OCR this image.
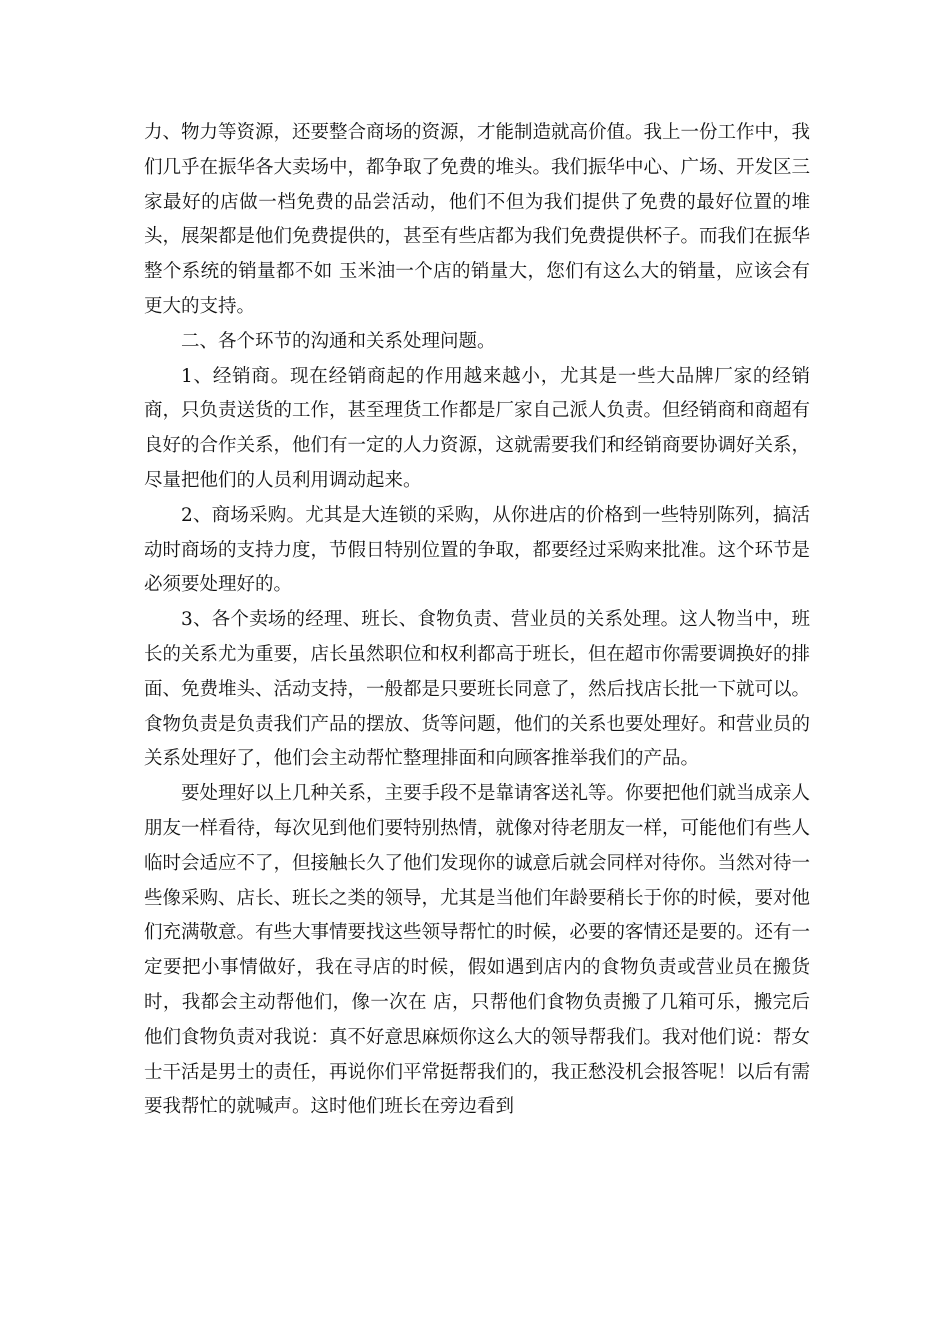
力、物力等资源，还要整合商场的资源，才能制造就高价值。我上一份工作中，我们几乎在振华各大卖场中，都争取了免费的堆头。我们振华中心、广场、开发区三家最好的店做一档免费的品尝活动，他们不但为我们提供了免费的最好位置的堆头，展架都是他们免费提供的，甚至有些店都为我们免费提供杯子。而我们在振华整个系统的销量都不如 玉米油一个店的销量大，您们有这么大的销量，应该会有更大的支持。

二、各个环节的沟通和关系处理问题。

1、经销商。现在经销商起的作用越来越小，尤其是一些大品牌厂家的经销商，只负责送货的工作，甚至理货工作都是厂家自己派人负责。但经销商和商超有良好的合作关系，他们有一定的人力资源，这就需要我们和经销商要协调好关系，尽量把他们的人员利用调动起来。

2、商场采购。尤其是大连锁的采购，从你进店的价格到一些特别陈列，搞活动时商场的支持力度，节假日特别位置的争取，都要经过采购来批准。这个环节是必须要处理好的。

3、各个卖场的经理、班长、食物负责、营业员的关系处理。这人物当中，班长的关系尤为重要，店长虽然职位和权利都高于班长，但在超市你需要调换好的排面、免费堆头、活动支持，一般都是只要班长同意了，然后找店长批一下就可以。食物负责是负责我们产品的摆放、货等问题，他们的关系也要处理好。和营业员的关系处理好了，他们会主动帮忙整理排面和向顾客推举我们的产品。

要处理好以上几种关系，主要手段不是靠请客送礼等。你要把他们就当成亲人朋友一样看待，每次见到他们要特别热情，就像对待老朋友一样，可能他们有些人临时会适应不了，但接触长久了他们发现你的诚意后就会同样对待你。当然对待一些像采购、店长、班长之类的领导，尤其是当他们年龄要稍长于你的时候，要对他们充满敬意。有些大事情要找这些领导帮忙的时候，必要的客情还是要的。还有一定要把小事情做好，我在寻店的时候，假如遇到店内的食物负责或营业员在搬货时，我都会主动帮他们，像一次在 店，只帮他们食物负责搬了几箱可乐，搬完后他们食物负责对我说：真不好意思麻烦你这么大的领导帮我们。我对他们说：帮女士干活是男士的责任，再说你们平常挺帮我们的，我正愁没机会报答呢！以后有需要我帮忙的就喊声。这时他们班长在旁边看到
